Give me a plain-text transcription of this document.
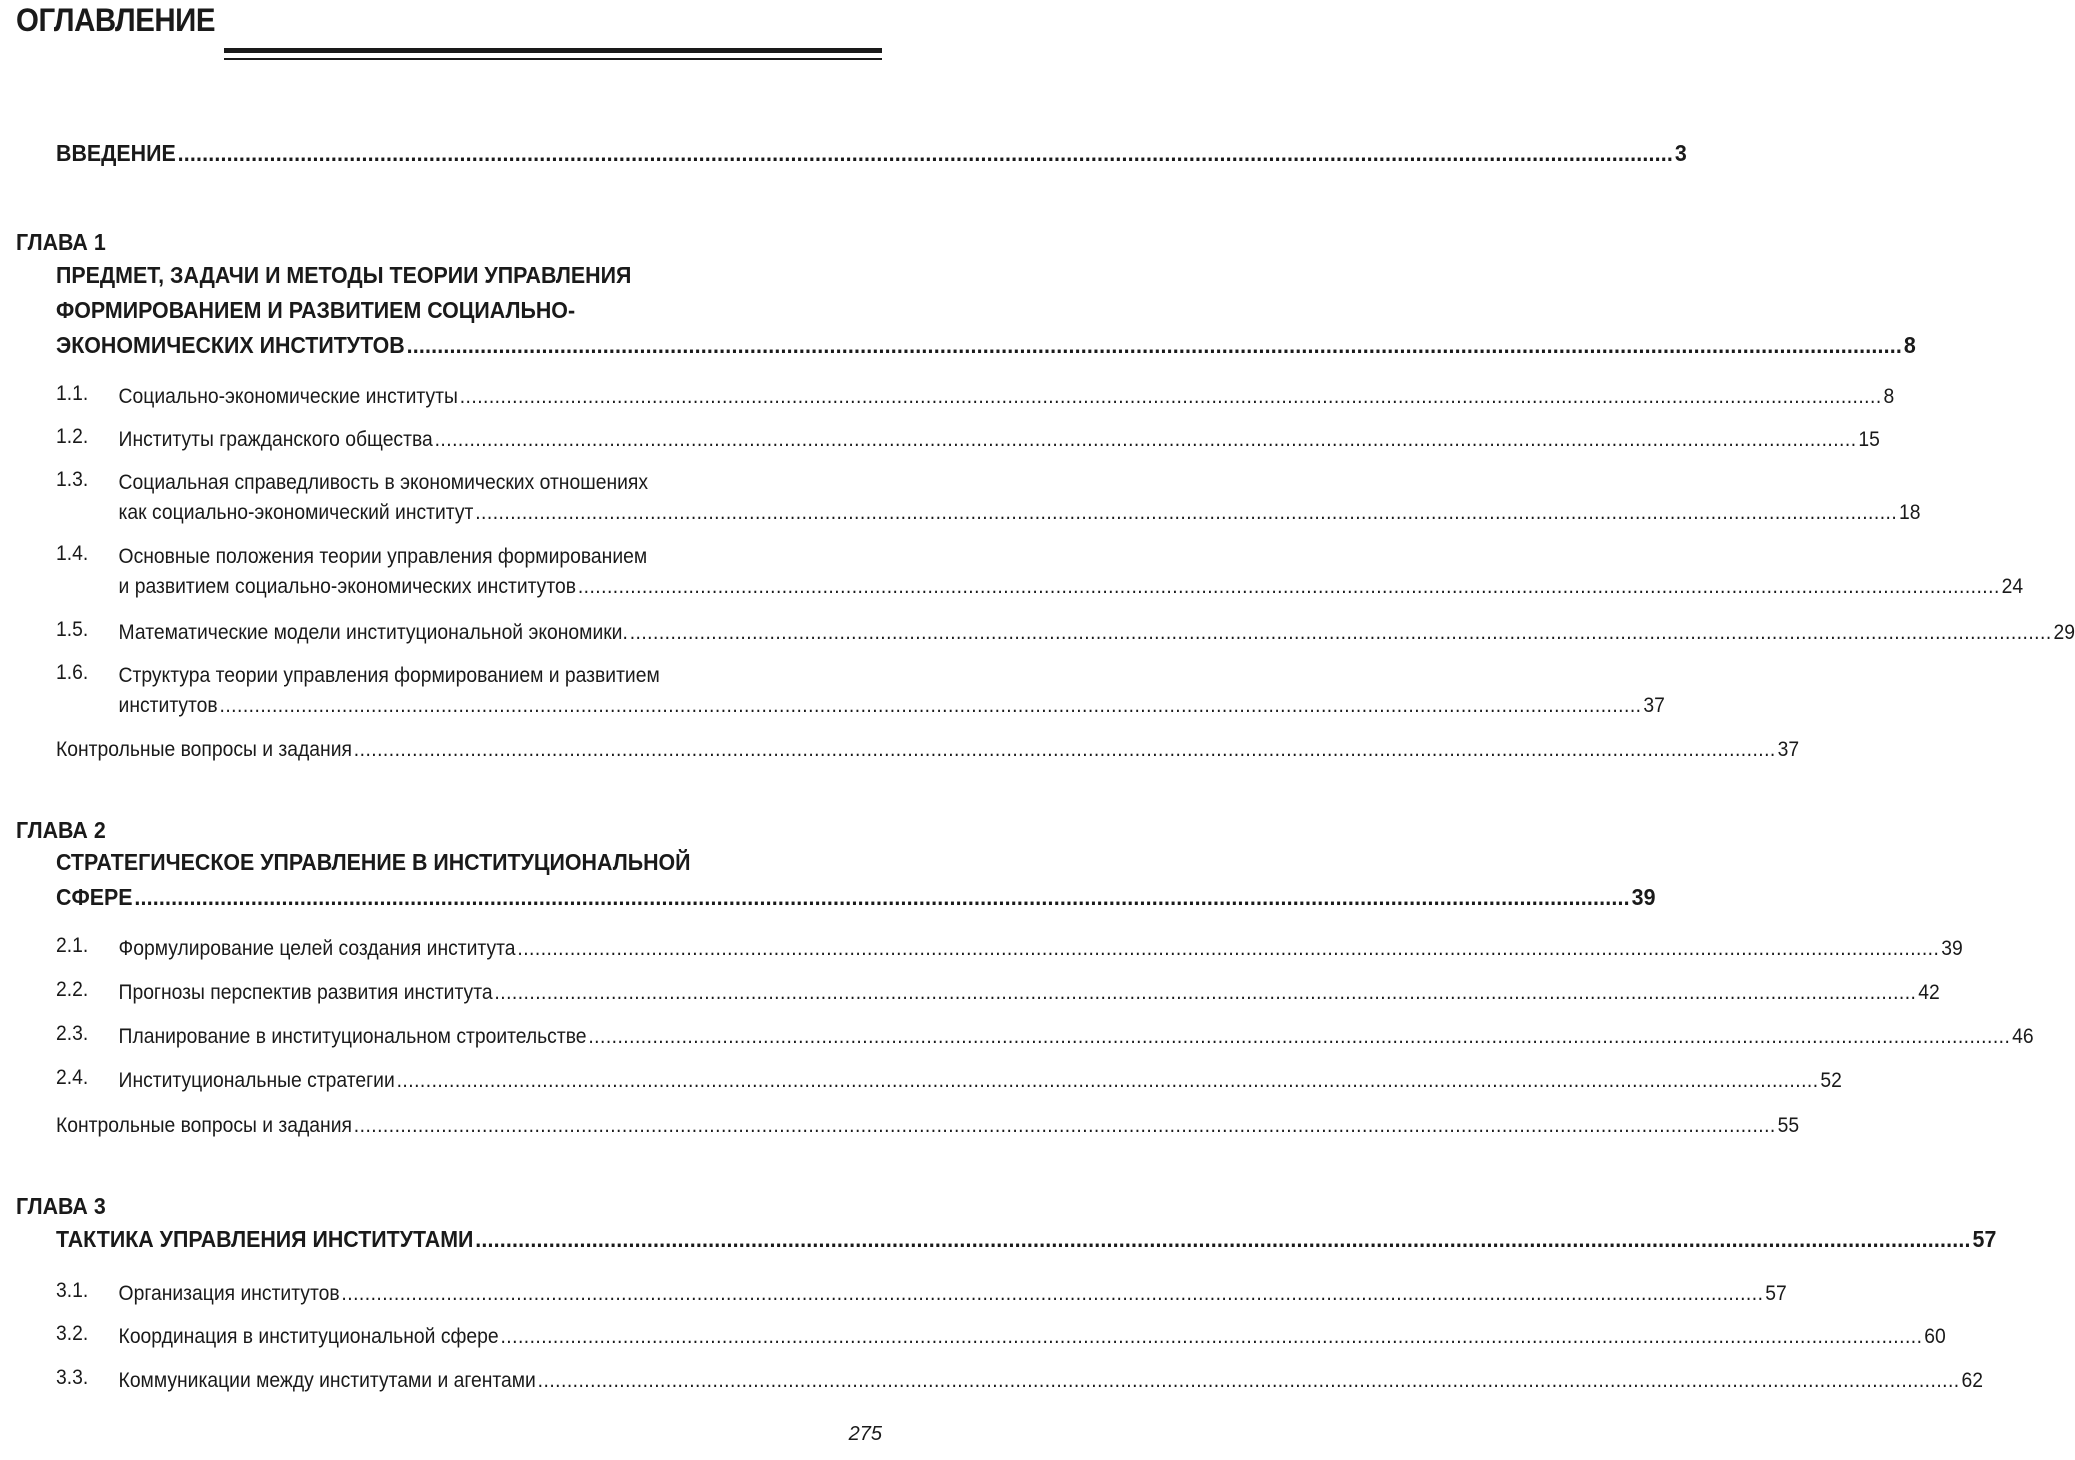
ОГЛАВЛЕНИЕ
ВВЕДЕНИЕ .....	3
ГЛАВА 1
ПРЕДМЕТ, ЗАДАЧИ И МЕТОДЫ ТЕОРИИ УПРАВЛЕНИЯ
ФОРМИРОВАНИЕМ И РАЗВИТИЕМ СОЦИАЛЬНО-
ЭКОНОМИЧЕСКИХ ИНСТИТУТОВ .....	8
1.1. Социально-экономические институты .....	8
1.2. Институты гражданского общества .....	15
1.3. Социальная справедливость в экономических отношениях
как социально-экономический институт .....	18
1.4. Основные положения теории управления формированием
и развитием социально-экономических институтов .....	24
1.5. Математические модели институциональной экономики. .....	29
1.6. Структура теории управления формированием и развитием
институтов .....	37
Контрольные вопросы и задания .....	37
ГЛАВА 2
СТРАТЕГИЧЕСКОЕ УПРАВЛЕНИЕ В ИНСТИТУЦИОНАЛЬНОЙ
СФЕРЕ .....	39
2.1. Формулирование целей создания института .....	39
2.2. Прогнозы перспектив развития института .....	42
2.3. Планирование в институциональном строительстве .....	46
2.4. Институциональные стратегии .....	52
Контрольные вопросы и задания .....	55
ГЛАВА 3
ТАКТИКА УПРАВЛЕНИЯ ИНСТИТУТАМИ .....	57
3.1. Организация институтов .....	57
3.2. Координация в институциональной сфере .....	60
3.3. Коммуникации между институтами и агентами .....	62
275
